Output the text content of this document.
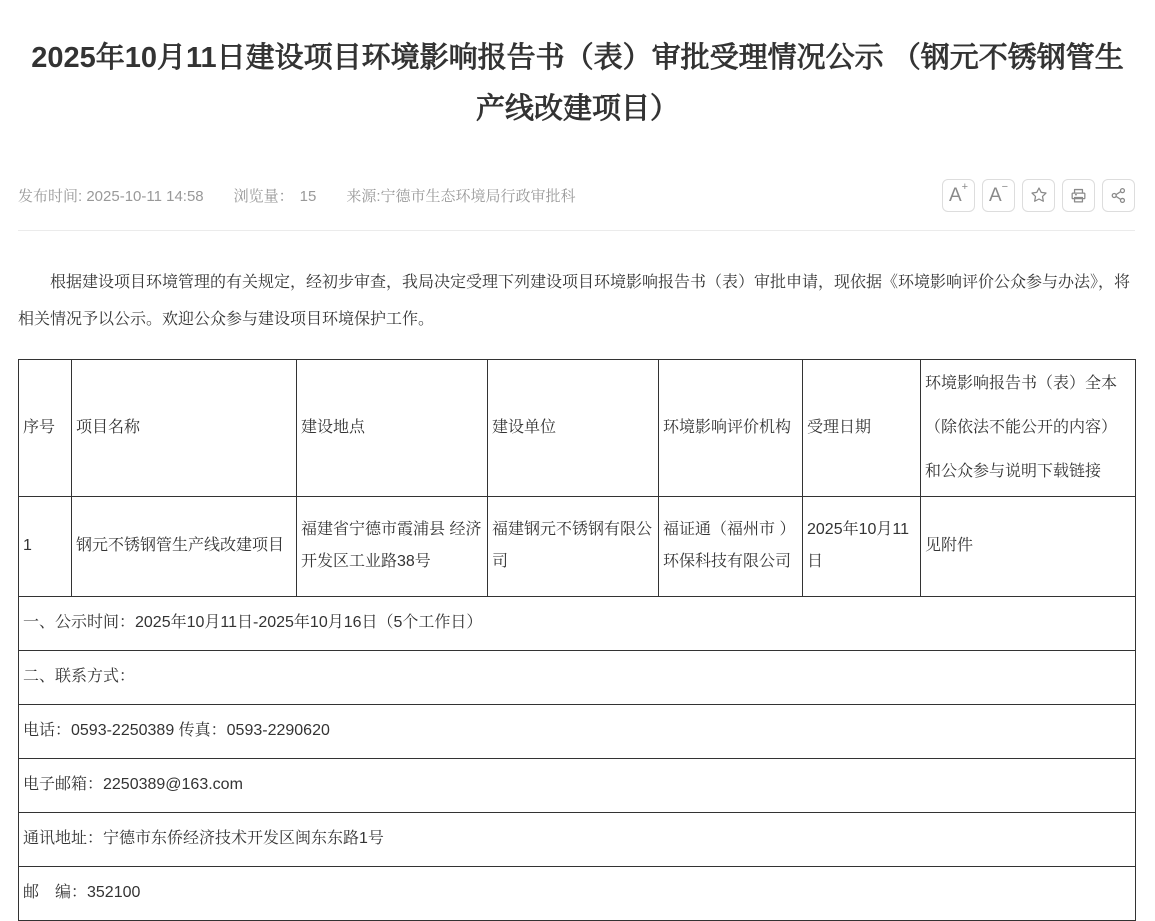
2025年10月11日建设项目环境影响报告书（表）审批受理情况公示 （钢元不锈钢管生产线改建项目）
发布时间: 2025-10-11 14:58 浏览量： 15 来源:宁德市生态环境局行政审批科	A+ A−

根据建设项目环境管理的有关规定，经初步审查，我局决定受理下列建设项目环境影响报告书（表）审批申请，现依据《环境影响评价公众参与办法》，将相关情况予以公示。欢迎公众参与建设项目环境保护工作。

序号	项目名称	建设地点	建设单位	环境影响评价机构	受理日期	环境影响报告书（表）全本（除依法不能公开的内容）和公众参与说明下载链接
1	钢元不锈钢管生产线改建项目	福建省宁德市霞浦县 经济开发区工业路38号	福建钢元不锈钢有限公司	福证通（福州市 ）环保科技有限公司	2025年10月11日	见附件
一、公示时间：2025年10月11日-2025年10月16日（5个工作日）						
二、联系方式：						
电话：0593-2250389 传真：0593-2290620						
电子邮箱：2250389@163.com						
通讯地址：宁德市东侨经济技术开发区闽东东路1号						
邮　编：352100						
